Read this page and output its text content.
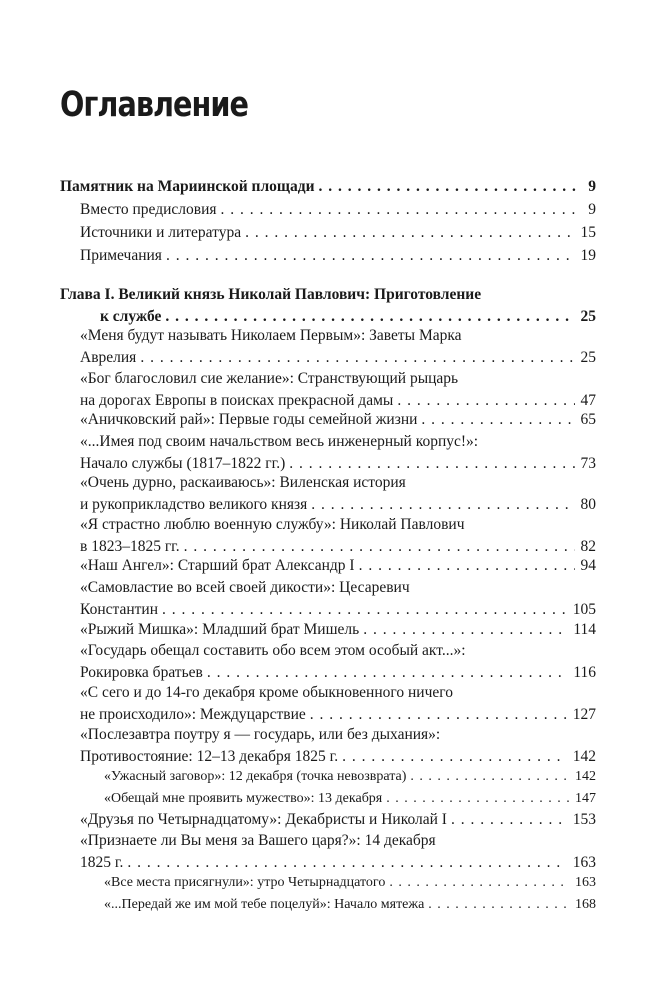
Оглавление
Памятник на Мариинской площади . . .	9
Вместо предисловия . . .	9
Источники и литература . . .	15
Примечания . . .	19
Глава I. Великий князь Николай Павлович: Приготовление
к службе . . .	25
«Меня будут называть Николаем Первым»: Заветы Марка
Аврелия . . .	25
«Бог благословил сие желание»: Странствующий рыцарь
на дорогах Европы в поисках прекрасной дамы . . .	47
«Аничковский рай»: Первые годы семейной жизни . . .	65
«...Имея под своим начальством весь инженерный корпус!»:
Начало службы (1817–1822 гг.) . . .	73
«Очень дурно, раскаиваюсь»: Виленская история
и рукоприкладство великого князя . . .	80
«Я страстно люблю военную службу»: Николай Павлович
в 1823–1825 гг. . . .	82
«Наш Ангел»: Старший брат Александр I . . .	94
«Самовластие во всей своей дикости»: Цесаревич
Константин . . .	105
«Рыжий Мишка»: Младший брат Мишель . . .	114
«Государь обещал составить обо всем этом особый акт...»:
Рокировка братьев . . .	116
«С сего и до 14-го декабря кроме обыкновенного ничего
не происходило»: Междуцарствие . . .	127
«Послезавтра поутру я — государь, или без дыхания»:
Противостояние: 12–13 декабря 1825 г. . . .	142
«Ужасный заговор»: 12 декабря (точка невозврата) . . .	142
«Обещай мне проявить мужество»: 13 декабря . . .	147
«Друзья по Четырнадцатому»: Декабристы и Николай I . . .	153
«Признаете ли Вы меня за Вашего царя?»: 14 декабря
1825 г. . . .	163
«Все места присягнули»: утро Четырнадцатого . . .	163
«...Передай же им мой тебе поцелуй»: Начало мятежа . . .	168
